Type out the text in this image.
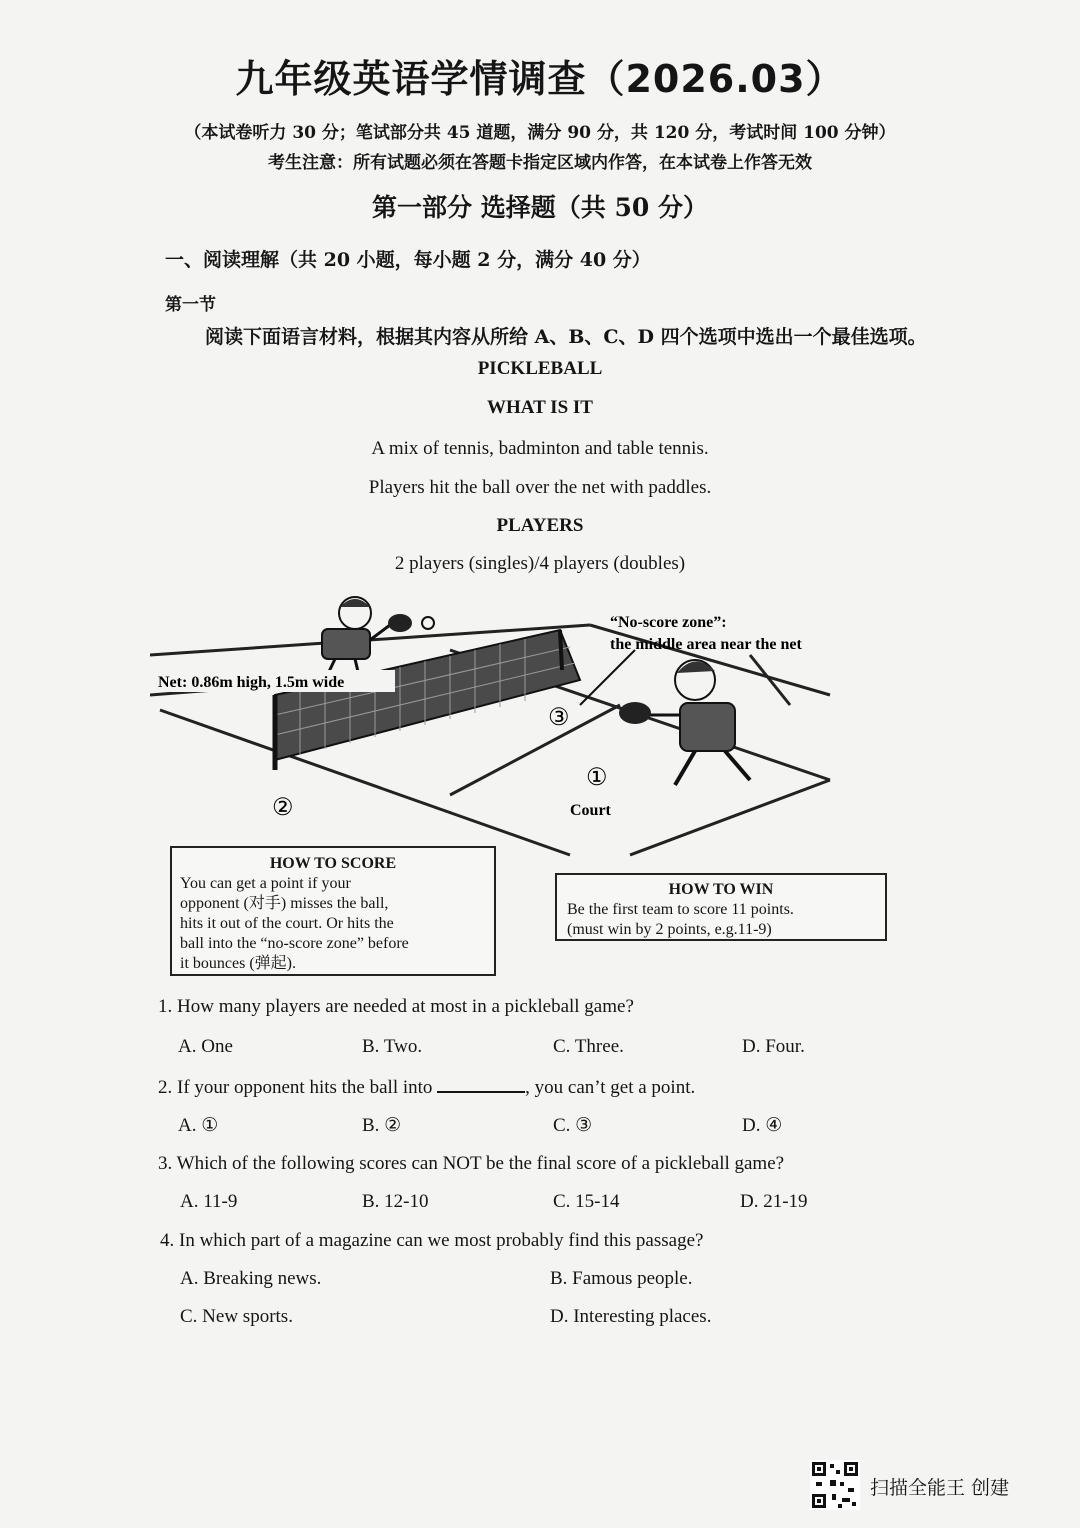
九年级英语学情调查（2026.03）
（本试卷听力 30 分；笔试部分共 45 道题，满分 90 分，共 120 分，考试时间 100 分钟）
考生注意：所有试题必须在答题卡指定区域内作答，在本试卷上作答无效
第一部分 选择题（共 50 分）
一、阅读理解（共 20 小题，每小题 2 分，满分 40 分）
第一节
阅读下面语言材料，根据其内容从所给 A、B、C、D 四个选项中选出一个最佳选项。
PICKLEBALL
WHAT IS IT
A mix of tennis, badminton and table tennis.
Players hit the ball over the net with paddles.
PLAYERS
2 players (singles)/4 players (doubles)
Net: 0.86m high, 1.5m wide
“No-score zone”:
the middle area near the net
Court
①
②
③
HOW TO SCORE
You can get a point if your
opponent (对手) misses the ball,
hits it out of the court. Or hits the
ball into the “no-score zone” before
it bounces (弹起).
HOW TO WIN
Be the first team to score 11 points.
(must win by 2 points, e.g.11-9)
1. How many players are needed at most in a pickleball game?
A. One	B. Two.	C. Three.	D. Four.
2. If your opponent hits the ball into	, you can’t get a point.
A. ①	B. ②	C. ③	D. ④
3. Which of the following scores can NOT be the final score of a pickleball game?
A. 11-9	B. 12-10	C. 15-14	D. 21-19
4. In which part of a magazine can we most probably find this passage?
A. Breaking news.	B. Famous people.
C. New sports.	D. Interesting places.
扫描全能王 创建
